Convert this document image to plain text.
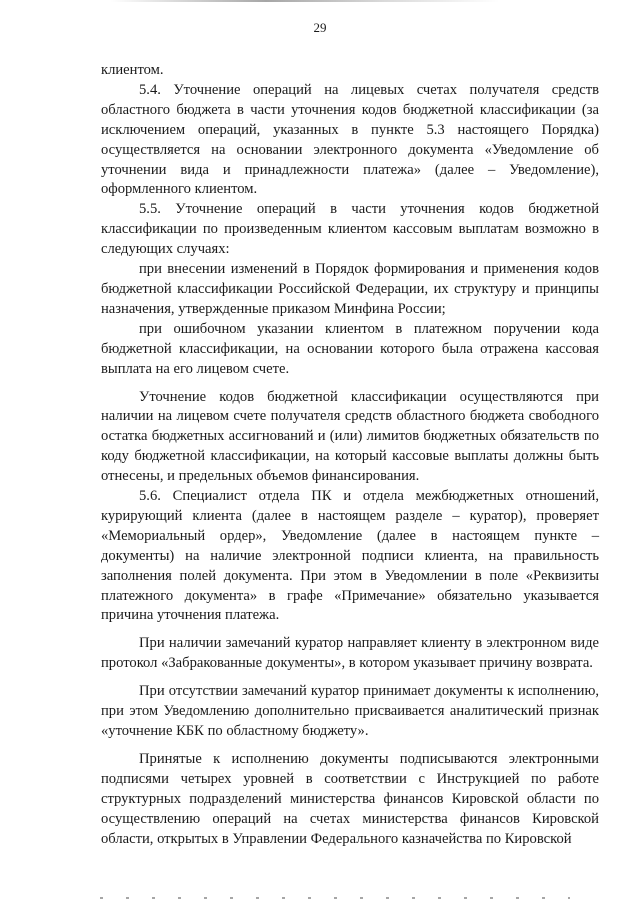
29

клиентом.

5.4. Уточнение операций на лицевых счетах получателя средств областного бюджета в части уточнения кодов бюджетной классификации (за исключением операций, указанных в пункте 5.3 настоящего Порядка) осуществляется на основании электронного документа «Уведомление об уточнении вида и принадлежности платежа» (далее – Уведомление), оформленного клиентом.

5.5. Уточнение операций в части уточнения кодов бюджетной классификации по произведенным клиентом кассовым выплатам возможно в следующих случаях:

при внесении изменений в Порядок формирования и применения кодов бюджетной классификации Российской Федерации, их структуру и принципы назначения, утвержденные приказом Минфина России;

при ошибочном указании клиентом в платежном поручении кода бюджетной классификации, на основании которого была отражена кассовая выплата на его лицевом счете.

Уточнение кодов бюджетной классификации осуществляются при наличии на лицевом счете получателя средств областного бюджета свободного остатка бюджетных ассигнований и (или) лимитов бюджетных обязательств по коду бюджетной классификации, на который кассовые выплаты должны быть отнесены, и предельных объемов финансирования.

5.6. Специалист отдела ПК и отдела межбюджетных отношений, курирующий клиента (далее в настоящем разделе – куратор), проверяет «Мемориальный ордер», Уведомление (далее в настоящем пункте – документы) на наличие электронной подписи клиента, на правильность заполнения полей документа. При этом в Уведомлении в поле «Реквизиты платежного документа» в графе «Примечание» обязательно указывается причина уточнения платежа.

При наличии замечаний куратор направляет клиенту в электронном виде протокол «Забракованные документы», в котором указывает причину возврата.

При отсутствии замечаний куратор принимает документы к исполнению, при этом Уведомлению дополнительно присваивается аналитический признак «уточнение КБК по областному бюджету».

Принятые к исполнению документы подписываются электронными подписями четырех уровней в соответствии с Инструкцией по работе структурных подразделений министерства финансов Кировской области по осуществлению операций на счетах министерства финансов Кировской области, открытых в Управлении Федерального казначейства по Кировской
